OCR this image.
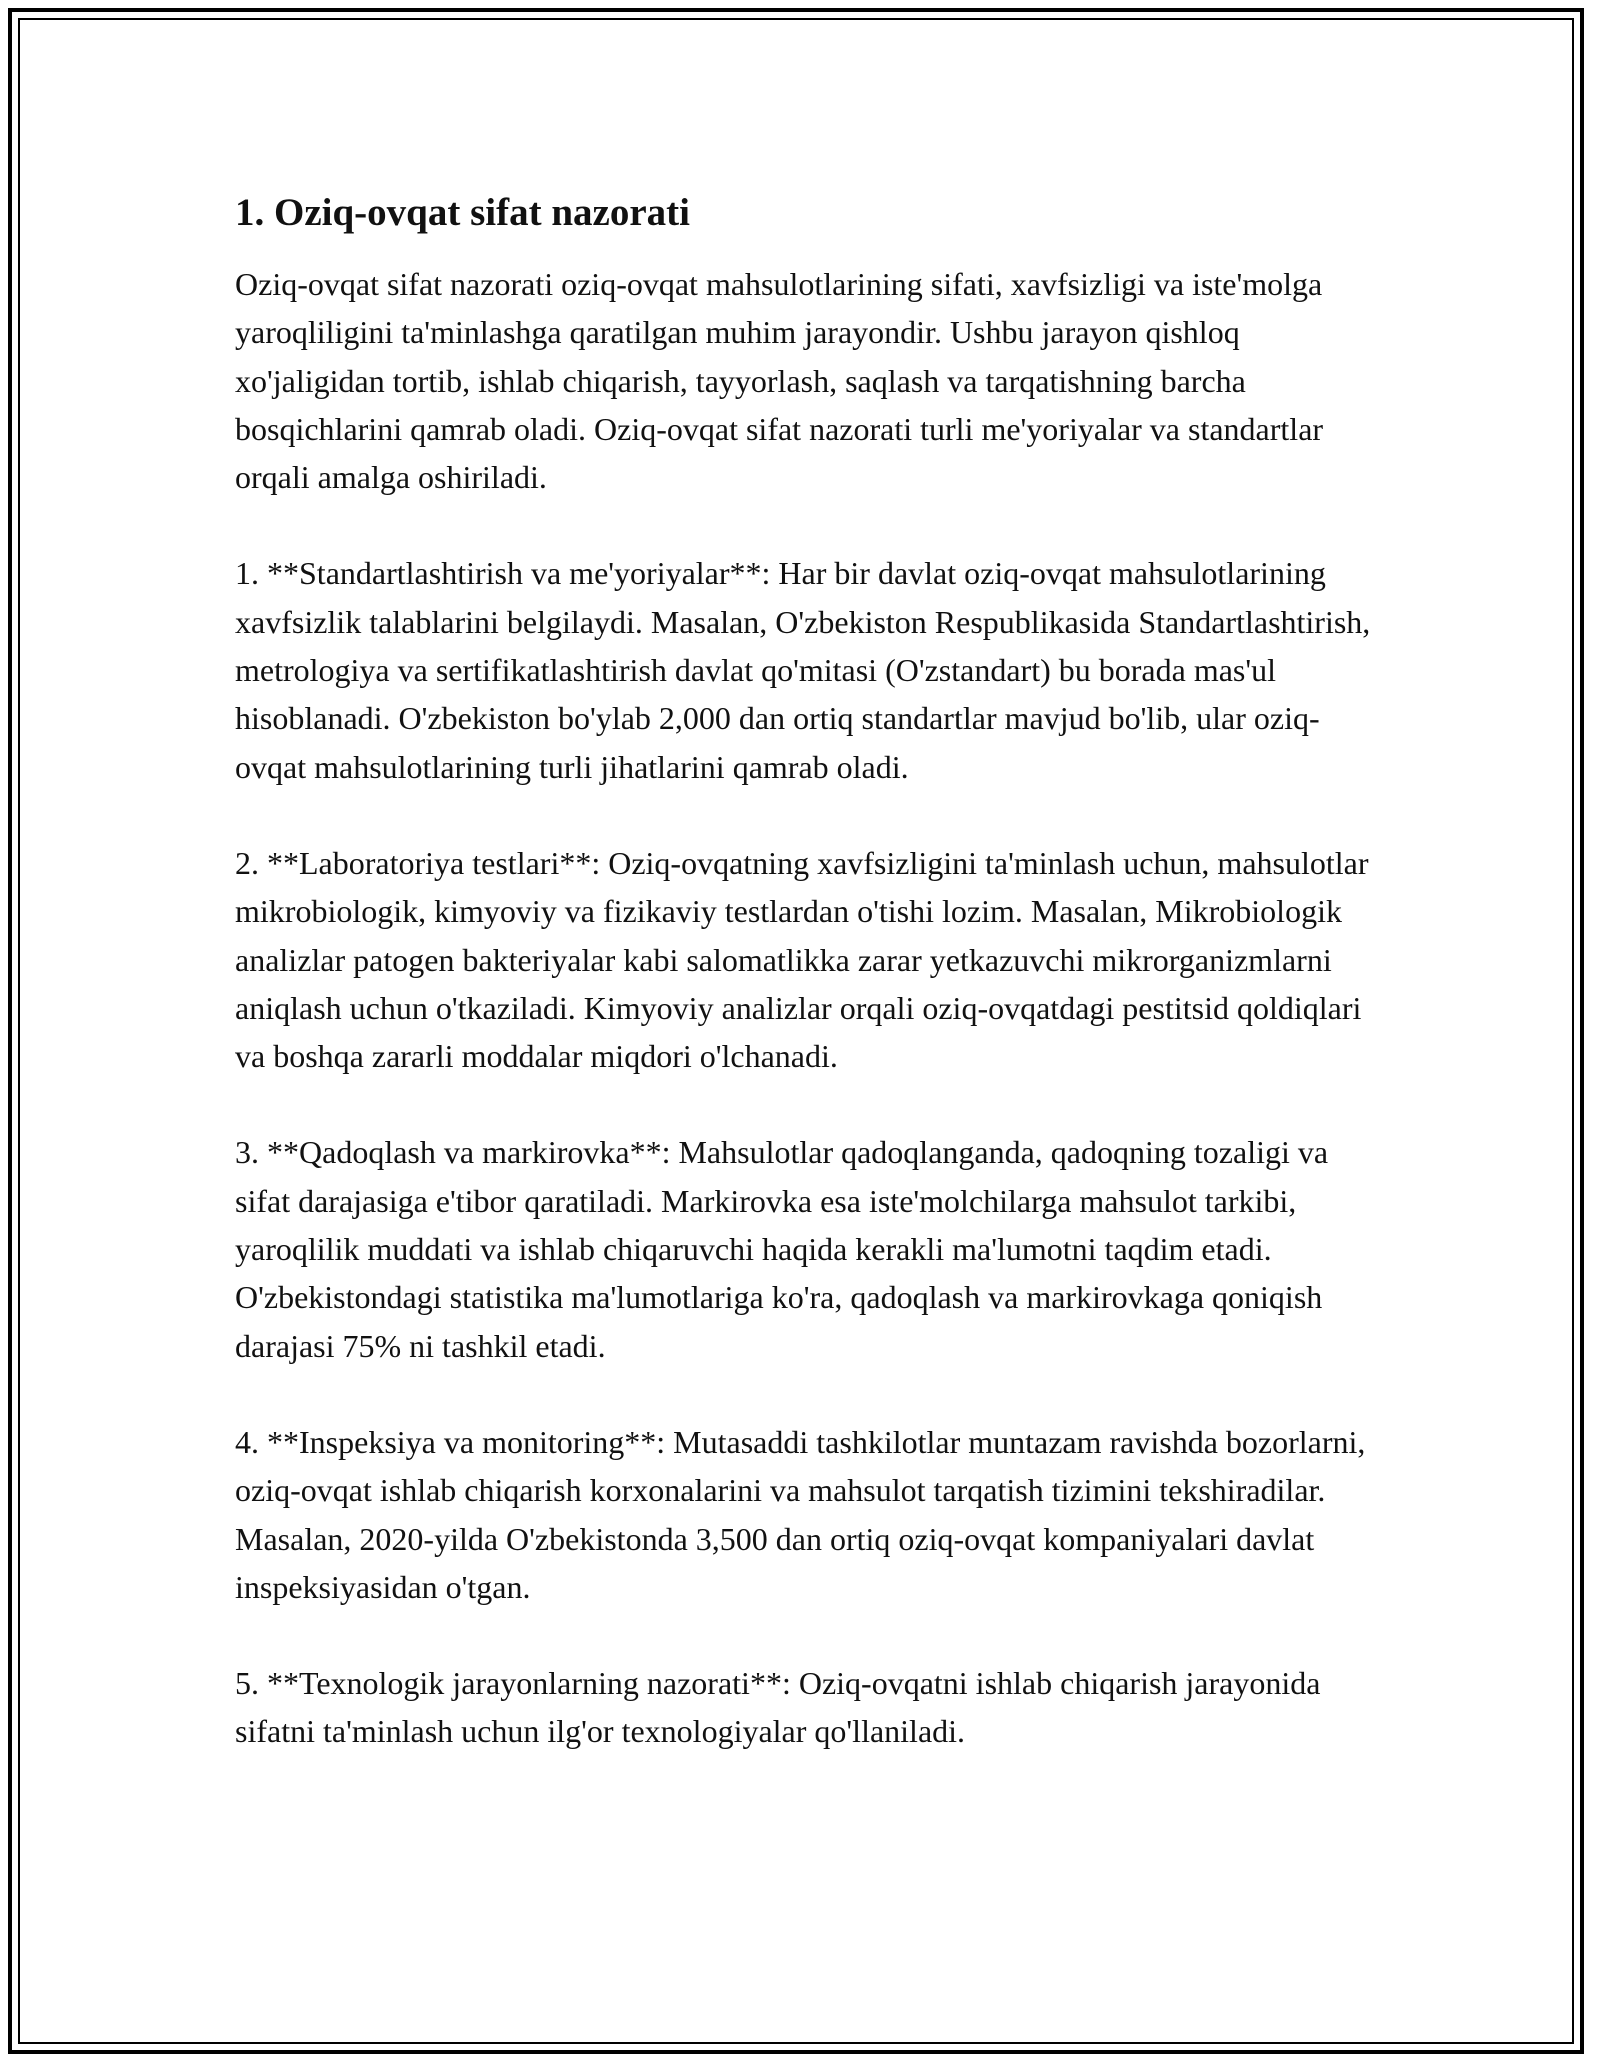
1. Oziq-ovqat sifat nazorati

Oziq-ovqat sifat nazorati oziq-ovqat mahsulotlarining sifati, xavfsizligi va iste'molga yaroqliligini ta'minlashga qaratilgan muhim jarayondir. Ushbu jarayon qishloq xo'jaligidan tortib, ishlab chiqarish, tayyorlash, saqlash va tarqatishning barcha bosqichlarini qamrab oladi. Oziq-ovqat sifat nazorati turli me'yoriyalar va standartlar orqali amalga oshiriladi.

1. **Standartlashtirish va me'yoriyalar**: Har bir davlat oziq-ovqat mahsulotlarining xavfsizlik talablarini belgilaydi. Masalan, O'zbekiston Respublikasida Standartlashtirish, metrologiya va sertifikatlashtirish davlat qo'mitasi (O'zstandart) bu borada mas'ul hisoblanadi. O'zbekiston bo'ylab 2,000 dan ortiq standartlar mavjud bo'lib, ular oziq-ovqat mahsulotlarining turli jihatlarini qamrab oladi.

2. **Laboratoriya testlari**: Oziq-ovqatning xavfsizligini ta'minlash uchun, mahsulotlar mikrobiologik, kimyoviy va fizikaviy testlardan o'tishi lozim. Masalan, Mikrobiologik analizlar patogen bakteriyalar kabi salomatlikka zarar yetkazuvchi mikrorganizmlarni aniqlash uchun o'tkaziladi. Kimyoviy analizlar orqali oziq-ovqatdagi pestitsid qoldiqlari va boshqa zararli moddalar miqdori o'lchanadi.

3. **Qadoqlash va markirovka**: Mahsulotlar qadoqlanganda, qadoqning tozaligi va sifat darajasiga e'tibor qaratiladi. Markirovka esa iste'molchilarga mahsulot tarkibi, yaroqlilik muddati va ishlab chiqaruvchi haqida kerakli ma'lumotni taqdim etadi. O'zbekistondagi statistika ma'lumotlariga ko'ra, qadoqlash va markirovkaga qoniqish darajasi 75% ni tashkil etadi.

4. **Inspeksiya va monitoring**: Mutasaddi tashkilotlar muntazam ravishda bozorlarni, oziq-ovqat ishlab chiqarish korxonalarini va mahsulot tarqatish tizimini tekshiradilar. Masalan, 2020-yilda O'zbekistonda 3,500 dan ortiq oziq-ovqat kompaniyalari davlat inspeksiyasidan o'tgan.

5. **Texnologik jarayonlarning nazorati**: Oziq-ovqatni ishlab chiqarish jarayonida sifatni ta'minlash uchun ilg'or texnologiyalar qo'llaniladi.
